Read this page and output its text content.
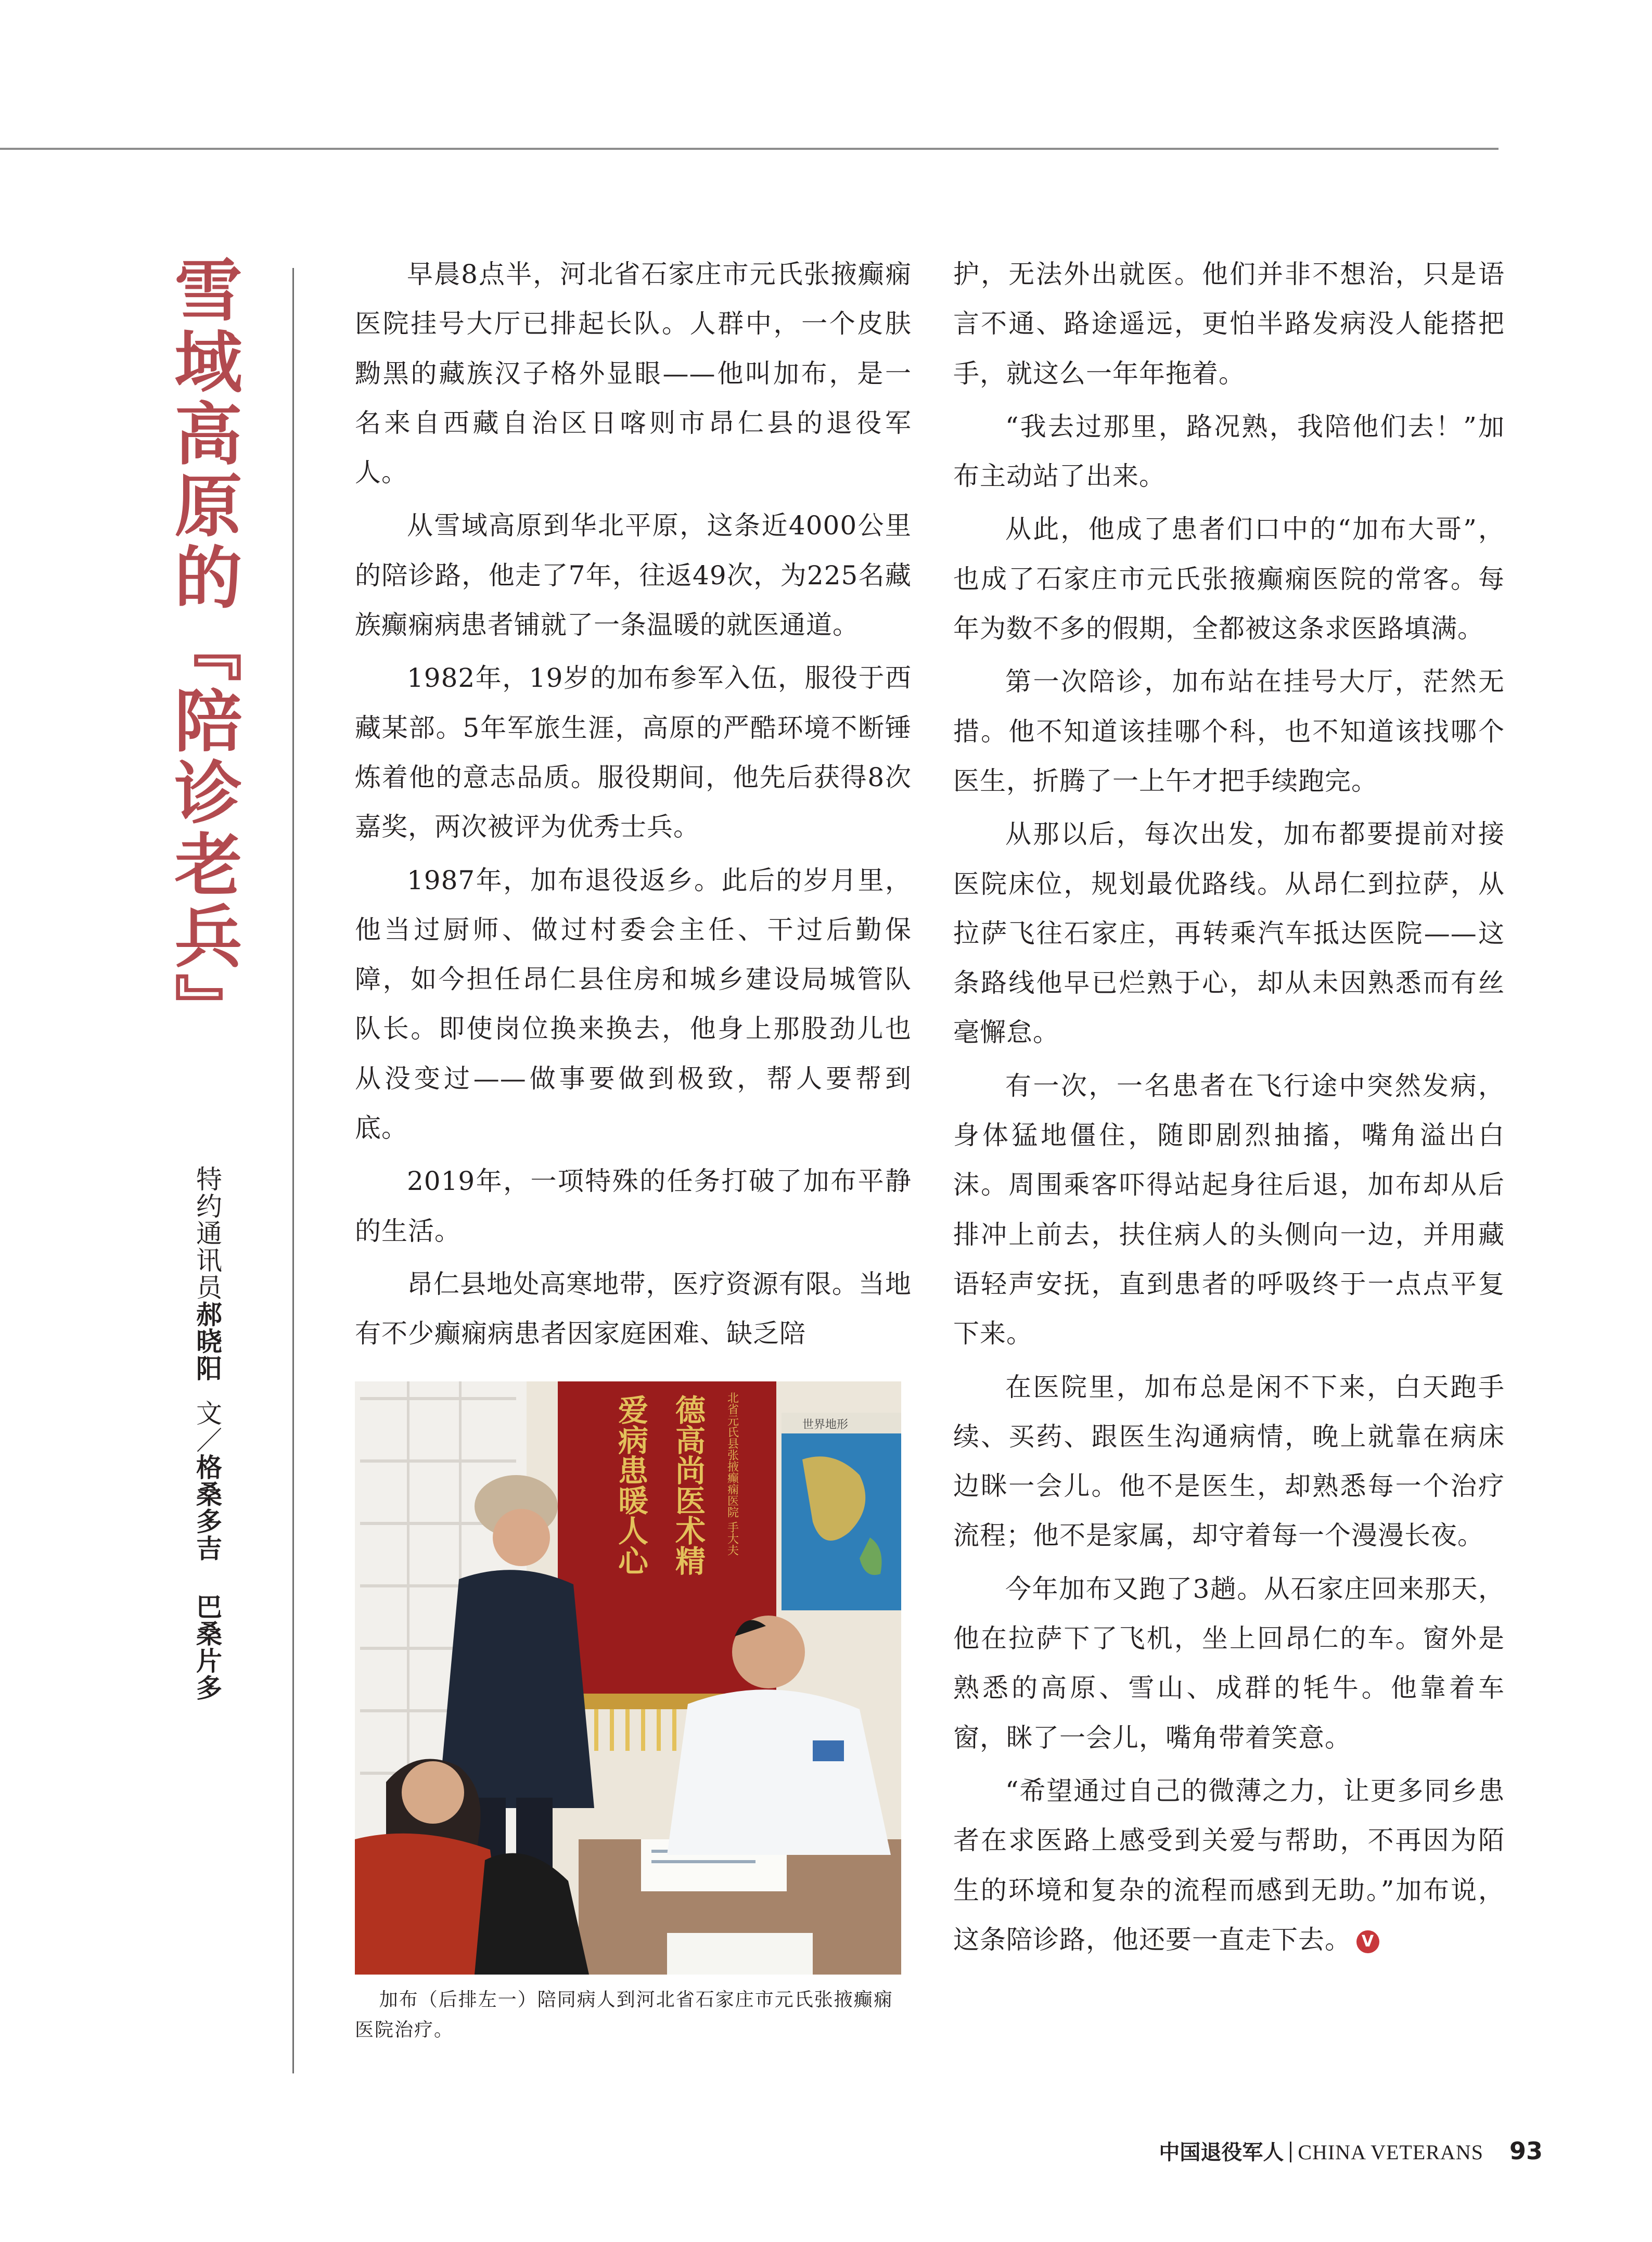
雪域高原的『陪诊老兵』
特约通讯员郝晓阳文／格桑多吉 巴桑片多

早晨8点半，河北省石家庄市元氏张掖癫痫医院挂号大厅已排起长队。人群中，一个皮肤黝黑的藏族汉子格外显眼——他叫加布，是一名来自西藏自治区日喀则市昂仁县的退役军人。

从雪域高原到华北平原，这条近4000公里的陪诊路，他走了7年，往返49次，为225名藏族癫痫病患者铺就了一条温暖的就医通道。

1982年，19岁的加布参军入伍，服役于西藏某部。5年军旅生涯，高原的严酷环境不断锤炼着他的意志品质。服役期间，他先后获得8次嘉奖，两次被评为优秀士兵。

1987年，加布退役返乡。此后的岁月里，他当过厨师、做过村委会主任、干过后勤保障，如今担任昂仁县住房和城乡建设局城管队队长。即使岗位换来换去，他身上那股劲儿也从没变过——做事要做到极致，帮人要帮到底。

2019年，一项特殊的任务打破了加布平静的生活。

昂仁县地处高寒地带，医疗资源有限。当地有不少癫痫病患者因家庭困难、缺乏陪

护，无法外出就医。他们并非不想治，只是语言不通、路途遥远，更怕半路发病没人能搭把手，就这么一年年拖着。

“我去过那里，路况熟，我陪他们去！”加布主动站了出来。

从此，他成了患者们口中的“加布大哥”，也成了石家庄市元氏张掖癫痫医院的常客。每年为数不多的假期，全都被这条求医路填满。

第一次陪诊，加布站在挂号大厅，茫然无措。他不知道该挂哪个科，也不知道该找哪个医生，折腾了一上午才把手续跑完。

从那以后，每次出发，加布都要提前对接医院床位，规划最优路线。从昂仁到拉萨，从拉萨飞往石家庄，再转乘汽车抵达医院——这条路线他早已烂熟于心，却从未因熟悉而有丝毫懈怠。

有一次，一名患者在飞行途中突然发病，身体猛地僵住，随即剧烈抽搐，嘴角溢出白沫。周围乘客吓得站起身往后退，加布却从后排冲上前去，扶住病人的头侧向一边，并用藏语轻声安抚，直到患者的呼吸终于一点点平复下来。

在医院里，加布总是闲不下来，白天跑手续、买药、跟医生沟通病情，晚上就靠在病床边眯一会儿。他不是医生，却熟悉每一个治疗流程；他不是家属，却守着每一个漫漫长夜。

今年加布又跑了3趟。从石家庄回来那天，他在拉萨下了飞机，坐上回昂仁的车。窗外是熟悉的高原、雪山、成群的牦牛。他靠着车窗，眯了一会儿，嘴角带着笑意。

“希望通过自己的微薄之力，让更多同乡患者在求医路上感受到关爱与帮助，不再因为陌生的环境和复杂的流程而感到无助。”加布说，这条陪诊路，他还要一直走下去。 V

世界地形
爱病患暖人心 德高尚医术精 北省元氏县张掖癫痫医院 手大夫
加布（后排左一）陪同病人到河北省石家庄市元氏张掖癫痫医院治疗。
中国退役军人 CHINA VETERANS 93
